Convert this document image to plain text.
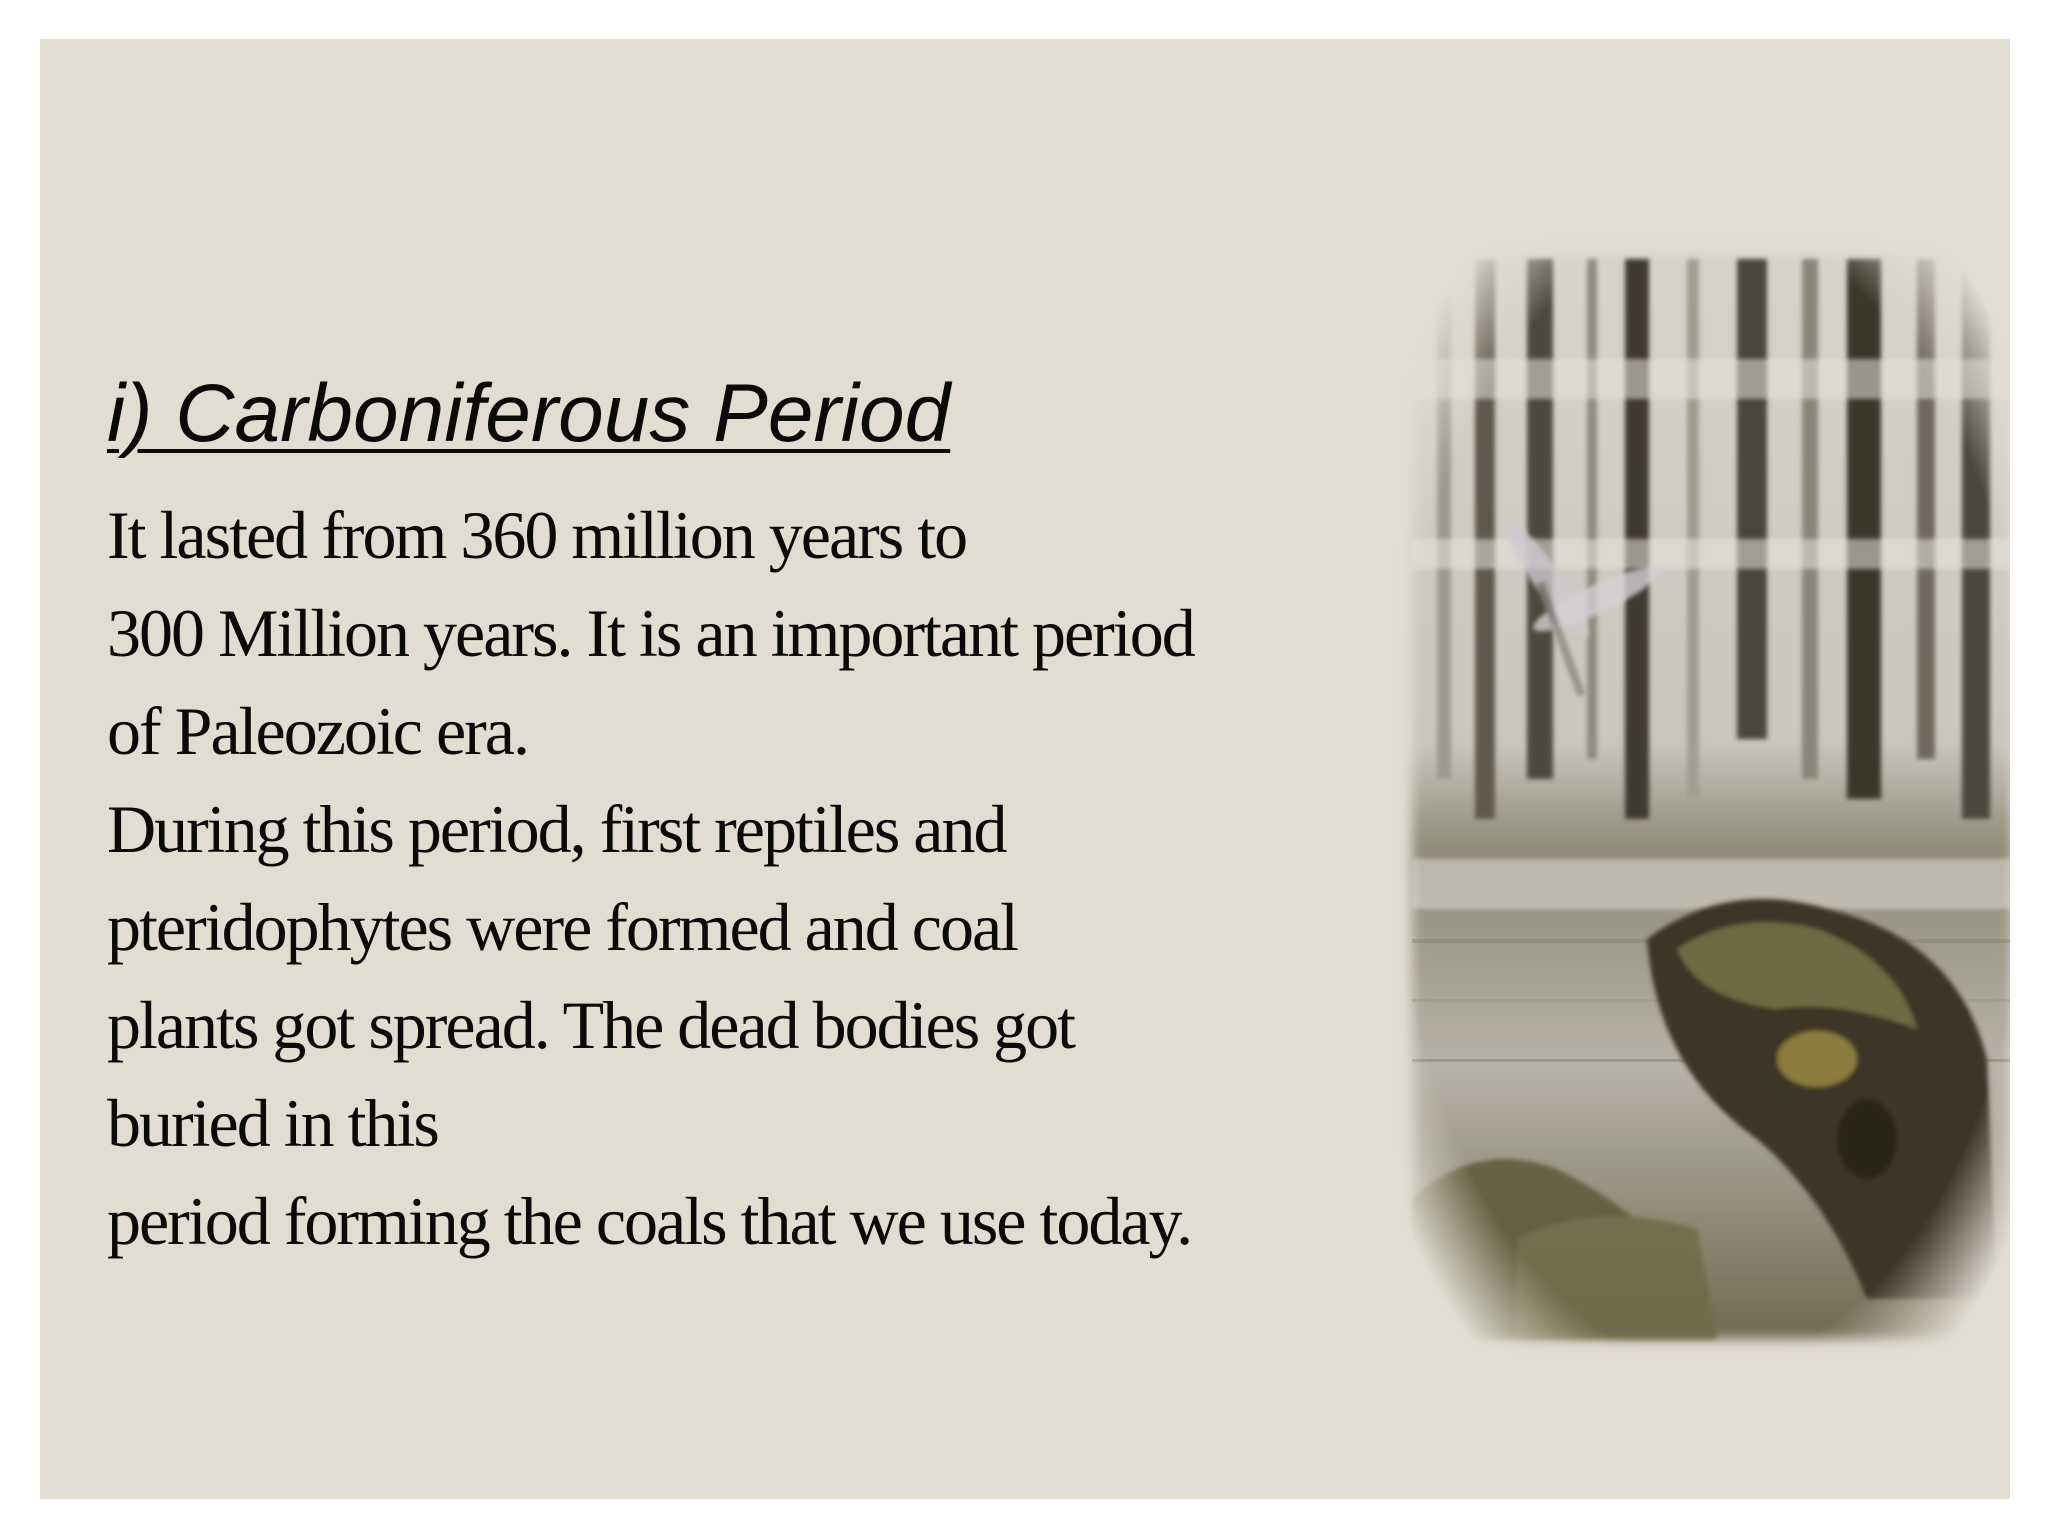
i) Carboniferous Period
It lasted from 360 million years to
300 Million years. It is an important period
of Paleozoic era.
During this period, first reptiles and
pteridophytes were formed and coal
plants got spread. The dead bodies got
buried in this
period forming the coals that we use today.
